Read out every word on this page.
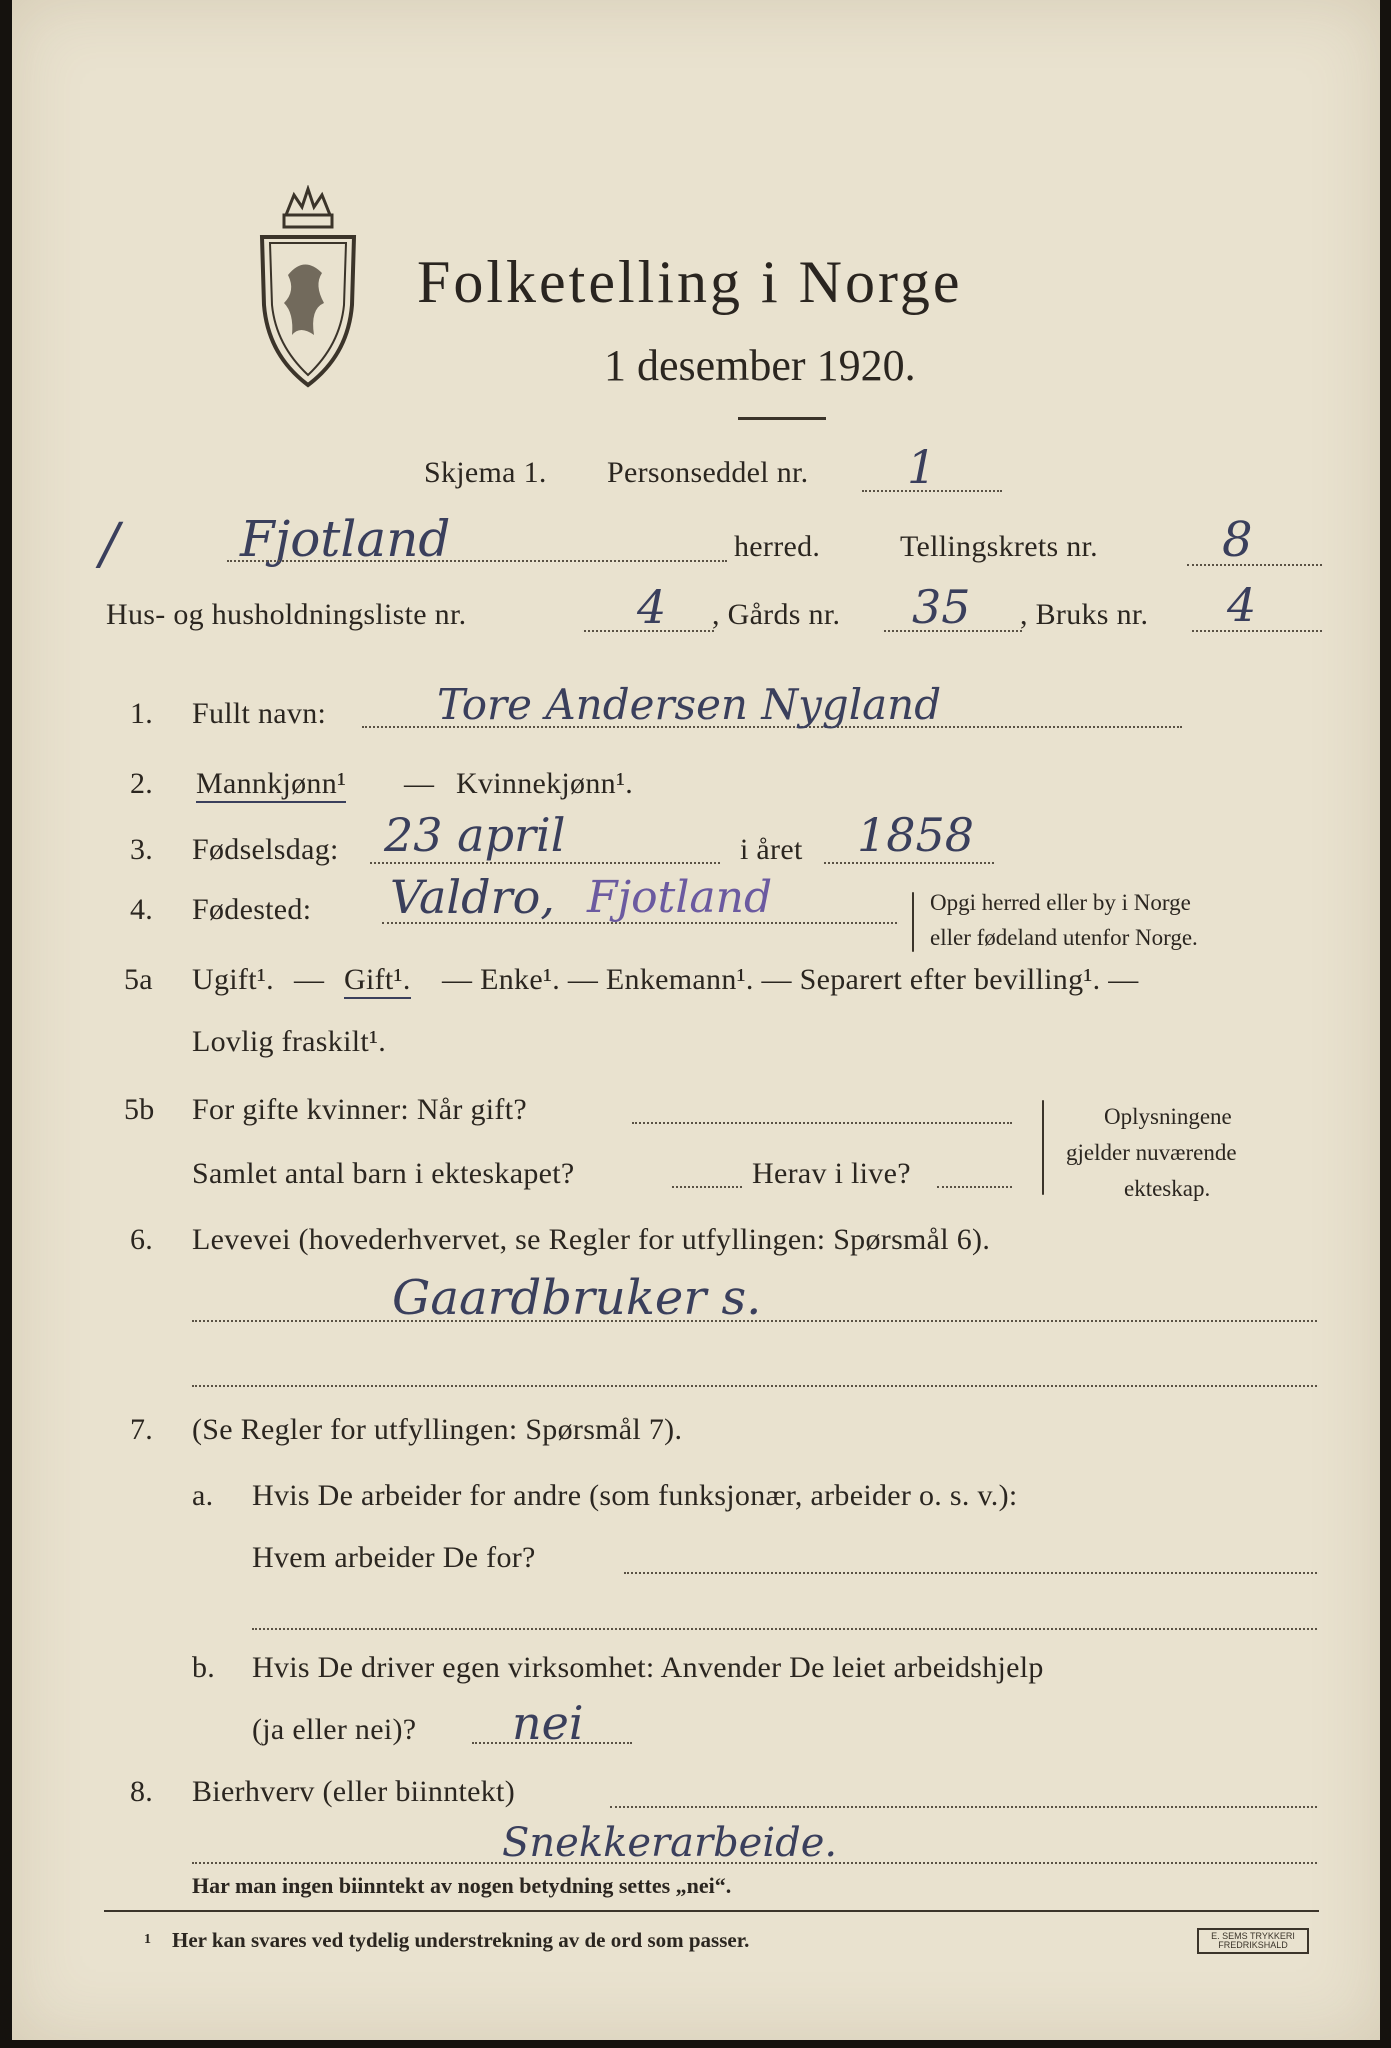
Folketelling i Norge
1 desember 1920.
Skjema 1. Personseddel nr. 1
/ Fjotland	herred.	Tellingskrets nr.	8
Hus- og husholdningsliste nr.	4 , Gårds nr. 35 , Bruks nr. 4
1. Fullt navn:	Tore Andersen Nygland
2. Mannkjønn¹ — Kvinnekjønn¹.
3. Fødselsdag: 23 april	i året 1858
4. Fødested: Valdro, Fjotland	Opgi herred eller by i Norge
eller fødeland utenfor Norge.
5a Ugift¹. — Gift¹. — Enke¹. — Enkemann¹. — Separert efter bevilling¹. —
Lovlig fraskilt¹.
5b For gifte kvinner: Når gift?
Samlet antal barn i ekteskapet?	Herav i live?
Oplysningene
gjelder nuværende
ekteskap.
6. Levevei (hovederhvervet, se Regler for utfyllingen: Spørsmål 6).
Gaardbruker s.
7. (Se Regler for utfyllingen: Spørsmål 7).
a. Hvis De arbeider for andre (som funksjonær, arbeider o. s. v.):
Hvem arbeider De for?
b. Hvis De driver egen virksomhet: Anvender De leiet arbeidshjelp
(ja eller nei)? nei
8. Bierhverv (eller biinntekt)
Snekkerarbeide.
Har man ingen biinntekt av nogen betydning settes „nei“.
1 Her kan svares ved tydelig understrekning av de ord som passer.	E. SEMS TRYKKERI FREDRIKSHALD
